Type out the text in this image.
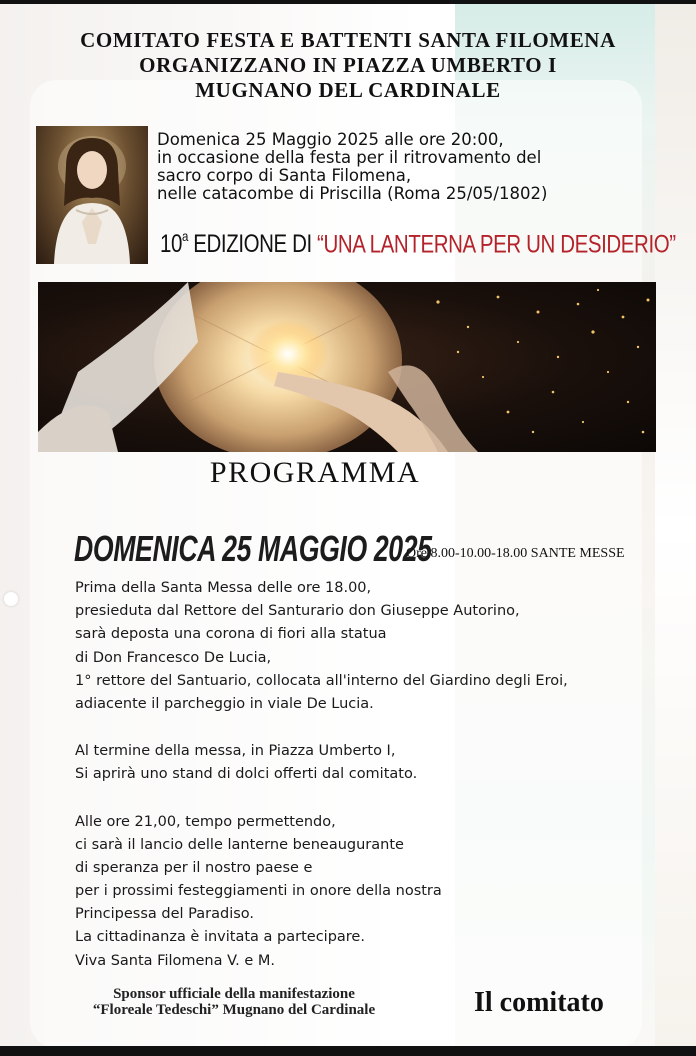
COMITATO FESTA E BATTENTI SANTA FILOMENA
ORGANIZZANO IN PIAZZA UMBERTO I
MUGNANO DEL CARDINALE
Domenica 25 Maggio 2025 alle ore 20:00,
in occasione della festa per il ritrovamento del
sacro corpo di Santa Filomena,
nelle catacombe di Priscilla (Roma 25/05/1802)
10$^a$ EDIZIONE DI “UNA LANTERNA PER UN DESIDERIO”
PROGRAMMA
DOMENICA 25 MAGGIO 2025
Ore 8.00-10.00-18.00 SANTE MESSE
Prima della Santa Messa delle ore 18.00,
presieduta dal Rettore del Santurario don Giuseppe Autorino,
sarà deposta una corona di fiori alla statua
di Don Francesco De Lucia,
1° rettore del Santuario, collocata all'interno del Giardino degli Eroi,
adiacente il parcheggio in viale De Lucia.
Al termine della messa, in Piazza Umberto I,
Si aprirà uno stand di dolci offerti dal comitato.
Alle ore 21,00, tempo permettendo,
ci sarà il lancio delle lanterne beneaugurante
di speranza per il nostro paese e
per i prossimi festeggiamenti in onore della nostra
Principessa del Paradiso.
La cittadinanza è invitata a partecipare.
Viva Santa Filomena V. e M.
Sponsor ufficiale della manifestazione
“Floreale Tedeschi” Mugnano del Cardinale	Il comitato
